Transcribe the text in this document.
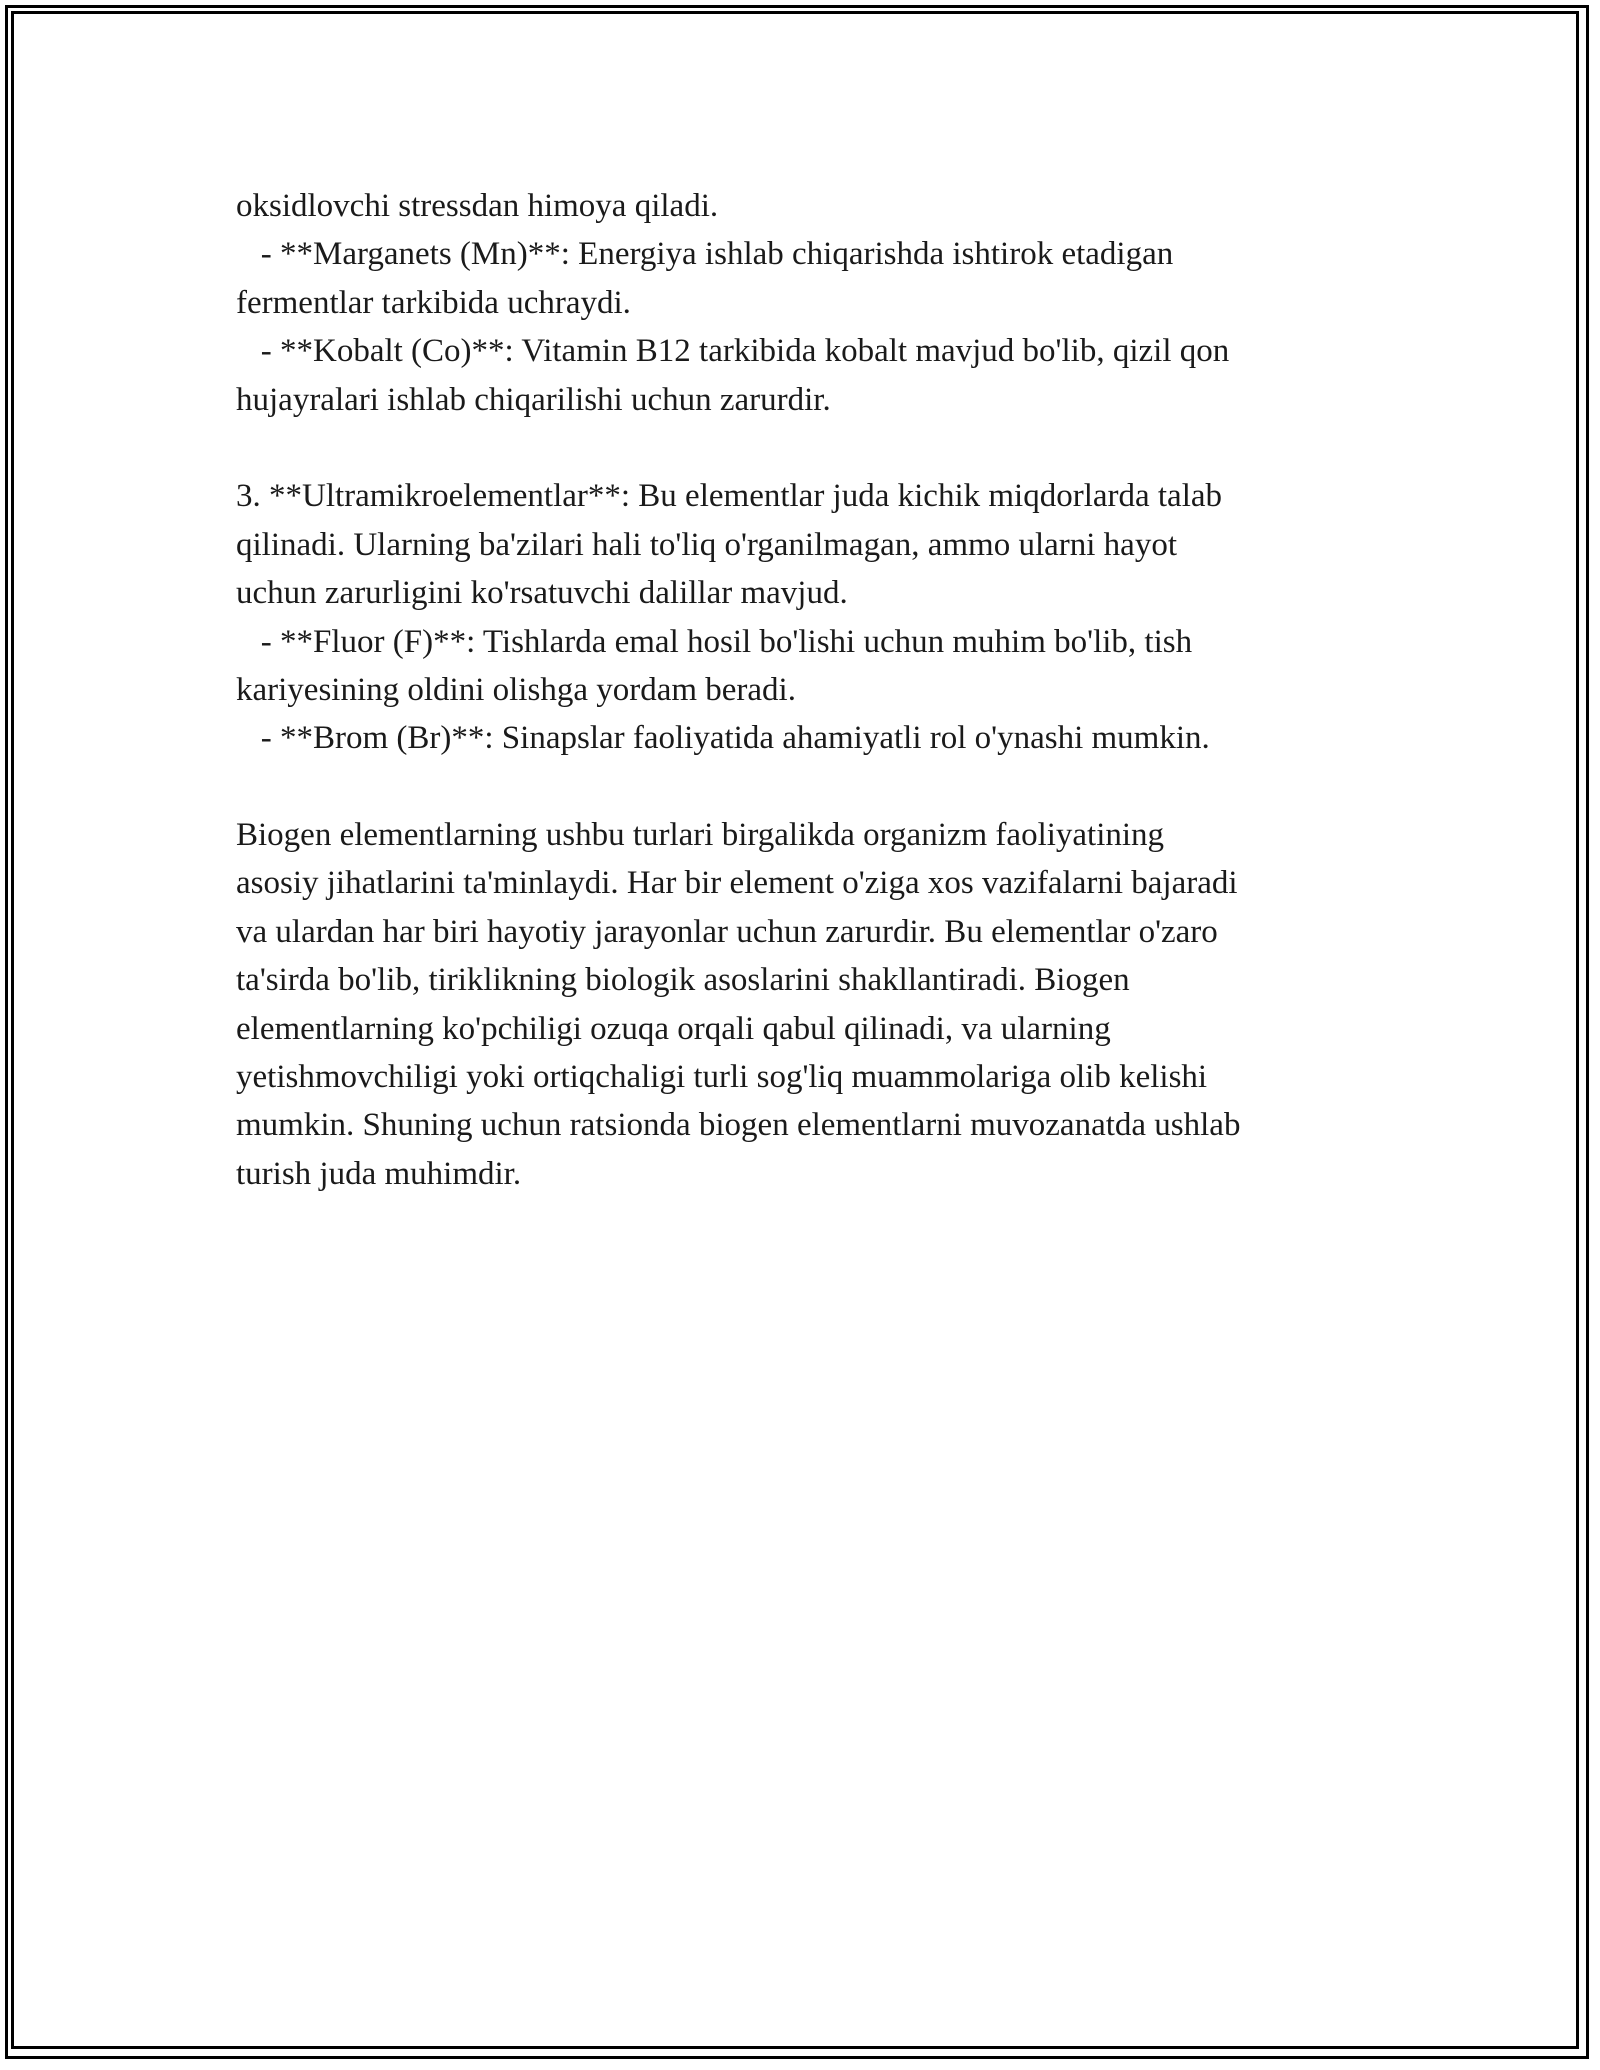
oksidlovchi stressdan himoya qiladi.
- **Marganets (Mn)**: Energiya ishlab chiqarishda ishtirok etadigan
fermentlar tarkibida uchraydi.
- **Kobalt (Co)**: Vitamin B12 tarkibida kobalt mavjud bo'lib, qizil qon
hujayralari ishlab chiqarilishi uchun zarurdir.
3. **Ultramikroelementlar**: Bu elementlar juda kichik miqdorlarda talab
qilinadi. Ularning ba'zilari hali to'liq o'rganilmagan, ammo ularni hayot
uchun zarurligini ko'rsatuvchi dalillar mavjud.
- **Fluor (F)**: Tishlarda emal hosil bo'lishi uchun muhim bo'lib, tish
kariyesining oldini olishga yordam beradi.
- **Brom (Br)**: Sinapslar faoliyatida ahamiyatli rol o'ynashi mumkin.
Biogen elementlarning ushbu turlari birgalikda organizm faoliyatining
asosiy jihatlarini ta'minlaydi. Har bir element o'ziga xos vazifalarni bajaradi
va ulardan har biri hayotiy jarayonlar uchun zarurdir. Bu elementlar o'zaro
ta'sirda bo'lib, tiriklikning biologik asoslarini shakllantiradi. Biogen
elementlarning ko'pchiligi ozuqa orqali qabul qilinadi, va ularning
yetishmovchiligi yoki ortiqchaligi turli sog'liq muammolariga olib kelishi
mumkin. Shuning uchun ratsionda biogen elementlarni muvozanatda ushlab
turish juda muhimdir.
